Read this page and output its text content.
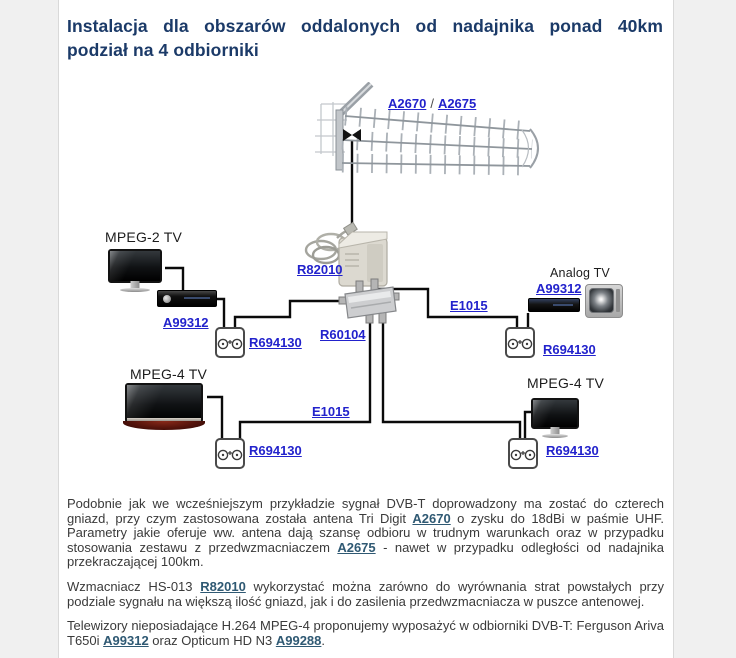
Instalacja dla obszarów oddalonych od nadajnika ponad 40km
podział na 4 odbiorniki
A2670 / A2675
R82010
R60104
E1015
E1015
MPEG-2 TV
Analog TV
MPEG-4 TV
MPEG-4 TV
A99312
A99312
R694130	R694130
R694130	R694130

Podobnie jak we wcześniejszym przykładzie sygnał DVB-T doprowadzony ma zostać do czterech gniazd, przy czym zastosowana została antena Tri Digit A2670 o zysku do 18dBi w paśmie UHF. Parametry jakie oferuje ww. antena dają szansę odbioru w trudnym warunkach oraz w przypadku stosowania zestawu z przedwzmacniaczem A2675 - nawet w przypadku odległości od nadajnika przekraczającej 100km.

Wzmacniacz HS-013 R82010 wykorzystać można zarówno do wyrównania strat powstałych przy podziale sygnału na większą ilość gniazd, jak i do zasilenia przedwzmacniacza w puszce antenowej.

Telewizory nieposiadające H.264 MPEG-4 proponujemy wyposażyć w odbiorniki DVB-T: Ferguson Ariva T650i A99312 oraz Opticum HD N3 A99288.
